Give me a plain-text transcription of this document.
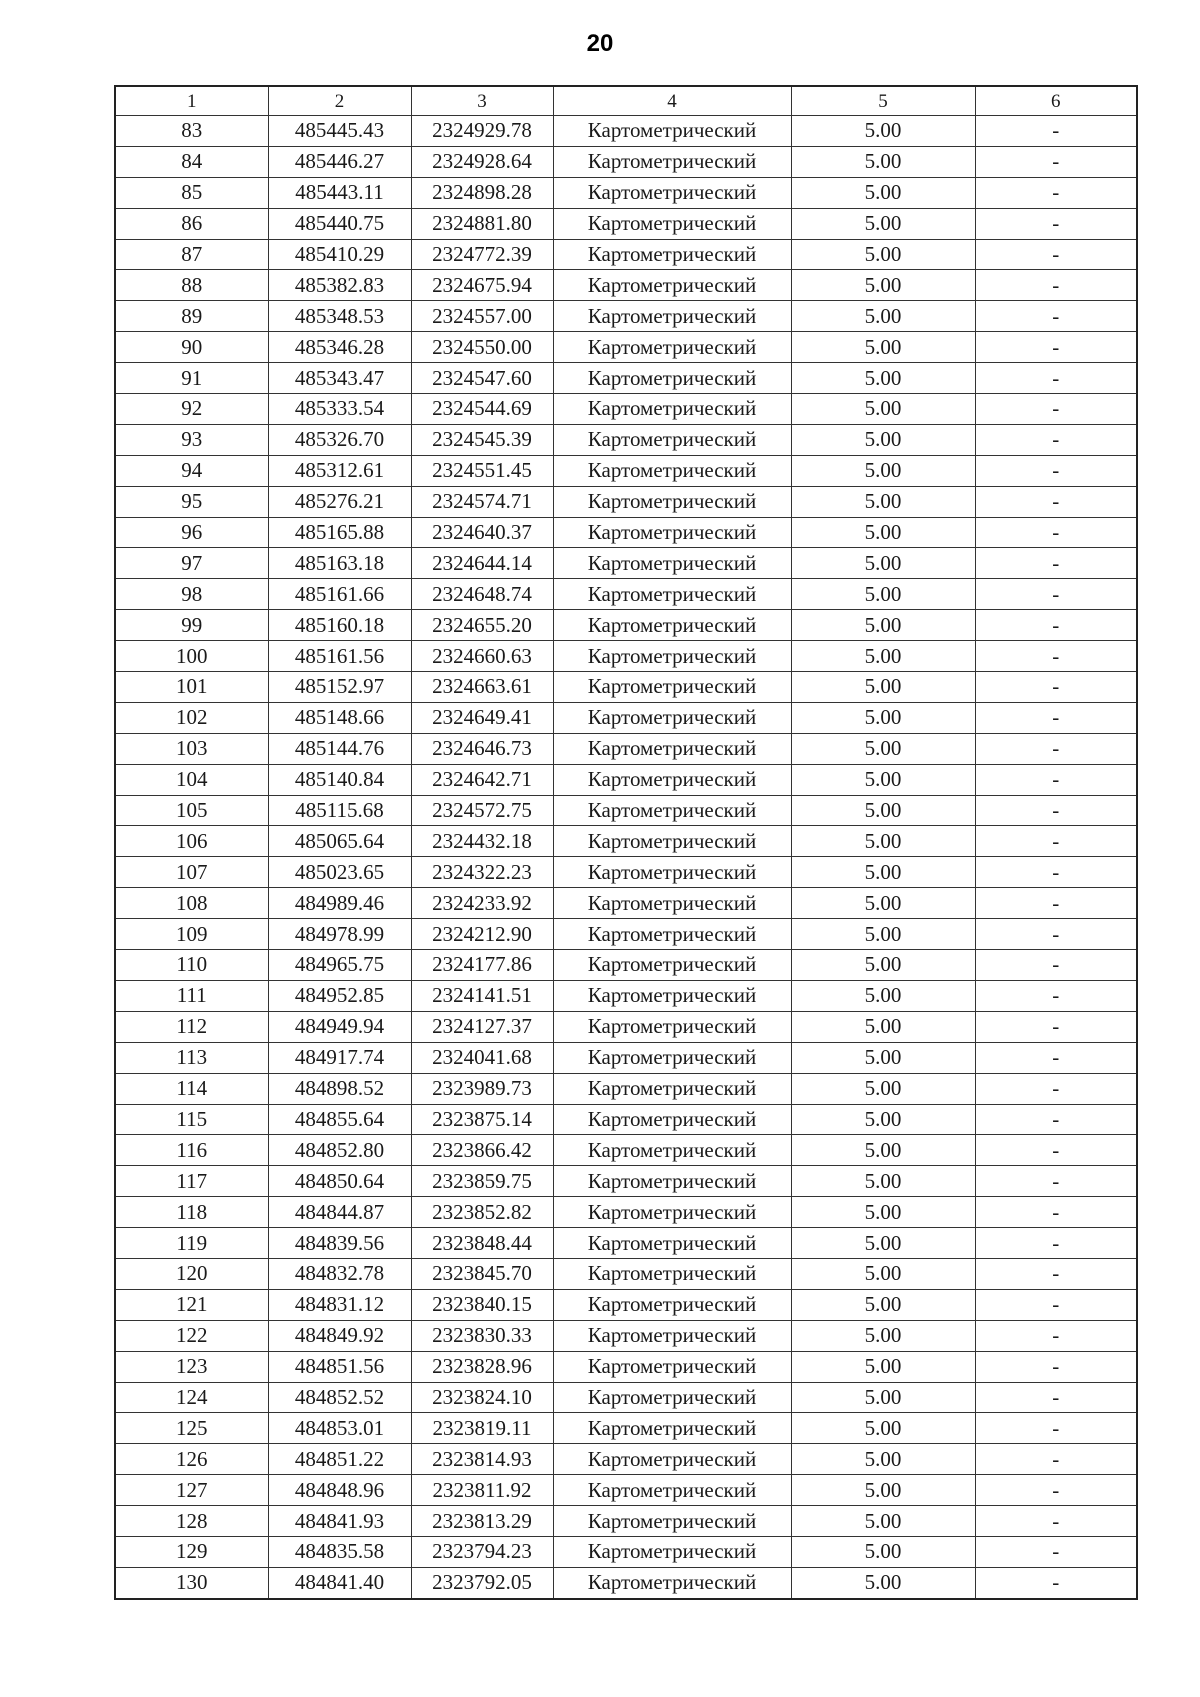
20
1	2	3	4	5	6
83	485445.43	2324929.78	Картометрический	5.00	-
84	485446.27	2324928.64	Картометрический	5.00	-
85	485443.11	2324898.28	Картометрический	5.00	-
86	485440.75	2324881.80	Картометрический	5.00	-
87	485410.29	2324772.39	Картометрический	5.00	-
88	485382.83	2324675.94	Картометрический	5.00	-
89	485348.53	2324557.00	Картометрический	5.00	-
90	485346.28	2324550.00	Картометрический	5.00	-
91	485343.47	2324547.60	Картометрический	5.00	-
92	485333.54	2324544.69	Картометрический	5.00	-
93	485326.70	2324545.39	Картометрический	5.00	-
94	485312.61	2324551.45	Картометрический	5.00	-
95	485276.21	2324574.71	Картометрический	5.00	-
96	485165.88	2324640.37	Картометрический	5.00	-
97	485163.18	2324644.14	Картометрический	5.00	-
98	485161.66	2324648.74	Картометрический	5.00	-
99	485160.18	2324655.20	Картометрический	5.00	-
100	485161.56	2324660.63	Картометрический	5.00	-
101	485152.97	2324663.61	Картометрический	5.00	-
102	485148.66	2324649.41	Картометрический	5.00	-
103	485144.76	2324646.73	Картометрический	5.00	-
104	485140.84	2324642.71	Картометрический	5.00	-
105	485115.68	2324572.75	Картометрический	5.00	-
106	485065.64	2324432.18	Картометрический	5.00	-
107	485023.65	2324322.23	Картометрический	5.00	-
108	484989.46	2324233.92	Картометрический	5.00	-
109	484978.99	2324212.90	Картометрический	5.00	-
110	484965.75	2324177.86	Картометрический	5.00	-
111	484952.85	2324141.51	Картометрический	5.00	-
112	484949.94	2324127.37	Картометрический	5.00	-
113	484917.74	2324041.68	Картометрический	5.00	-
114	484898.52	2323989.73	Картометрический	5.00	-
115	484855.64	2323875.14	Картометрический	5.00	-
116	484852.80	2323866.42	Картометрический	5.00	-
117	484850.64	2323859.75	Картометрический	5.00	-
118	484844.87	2323852.82	Картометрический	5.00	-
119	484839.56	2323848.44	Картометрический	5.00	-
120	484832.78	2323845.70	Картометрический	5.00	-
121	484831.12	2323840.15	Картометрический	5.00	-
122	484849.92	2323830.33	Картометрический	5.00	-
123	484851.56	2323828.96	Картометрический	5.00	-
124	484852.52	2323824.10	Картометрический	5.00	-
125	484853.01	2323819.11	Картометрический	5.00	-
126	484851.22	2323814.93	Картометрический	5.00	-
127	484848.96	2323811.92	Картометрический	5.00	-
128	484841.93	2323813.29	Картометрический	5.00	-
129	484835.58	2323794.23	Картометрический	5.00	-
130	484841.40	2323792.05	Картометрический	5.00	-
